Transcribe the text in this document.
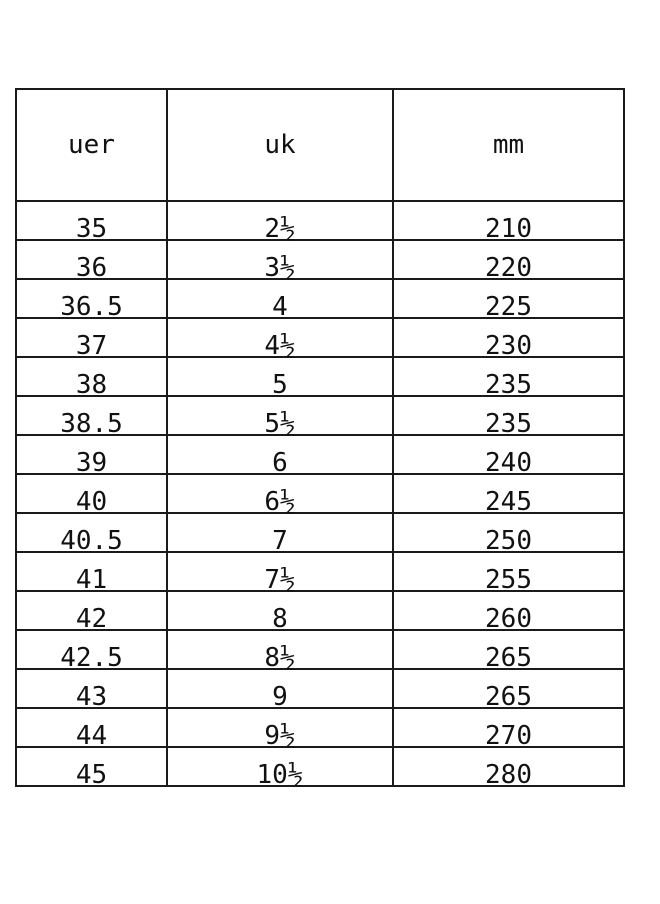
uer	uk	mm
35	2½	210
36	3½	220
36.5	4	225
37	4½	230
38	5	235
38.5	5½	235
39	6	240
40	6½	245
40.5	7	250
41	7½	255
42	8	260
42.5	8½	265
43	9	265
44	9½	270
45	10½	280
